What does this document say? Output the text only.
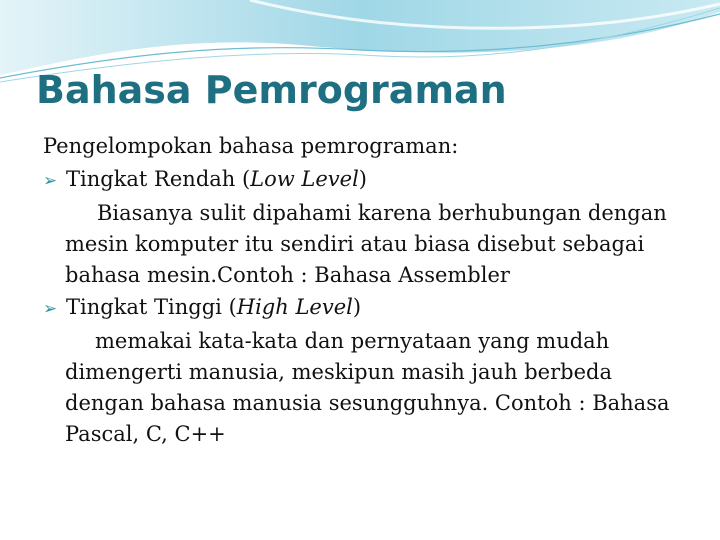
Bahasa Pemrograman

Pengelompokan bahasa pemrograman:

➢ Tingkat Rendah (Low Level)

Biasanya sulit dipahami karena berhubungan dengan mesin komputer itu sendiri atau biasa disebut sebagai bahasa mesin.Contoh : Bahasa Assembler

➢ Tingkat Tinggi (High Level)

memakai kata-kata dan pernyataan yang mudah dimengerti manusia, meskipun masih jauh berbeda dengan bahasa manusia sesungguhnya. Contoh : Bahasa Pascal, C, C++
